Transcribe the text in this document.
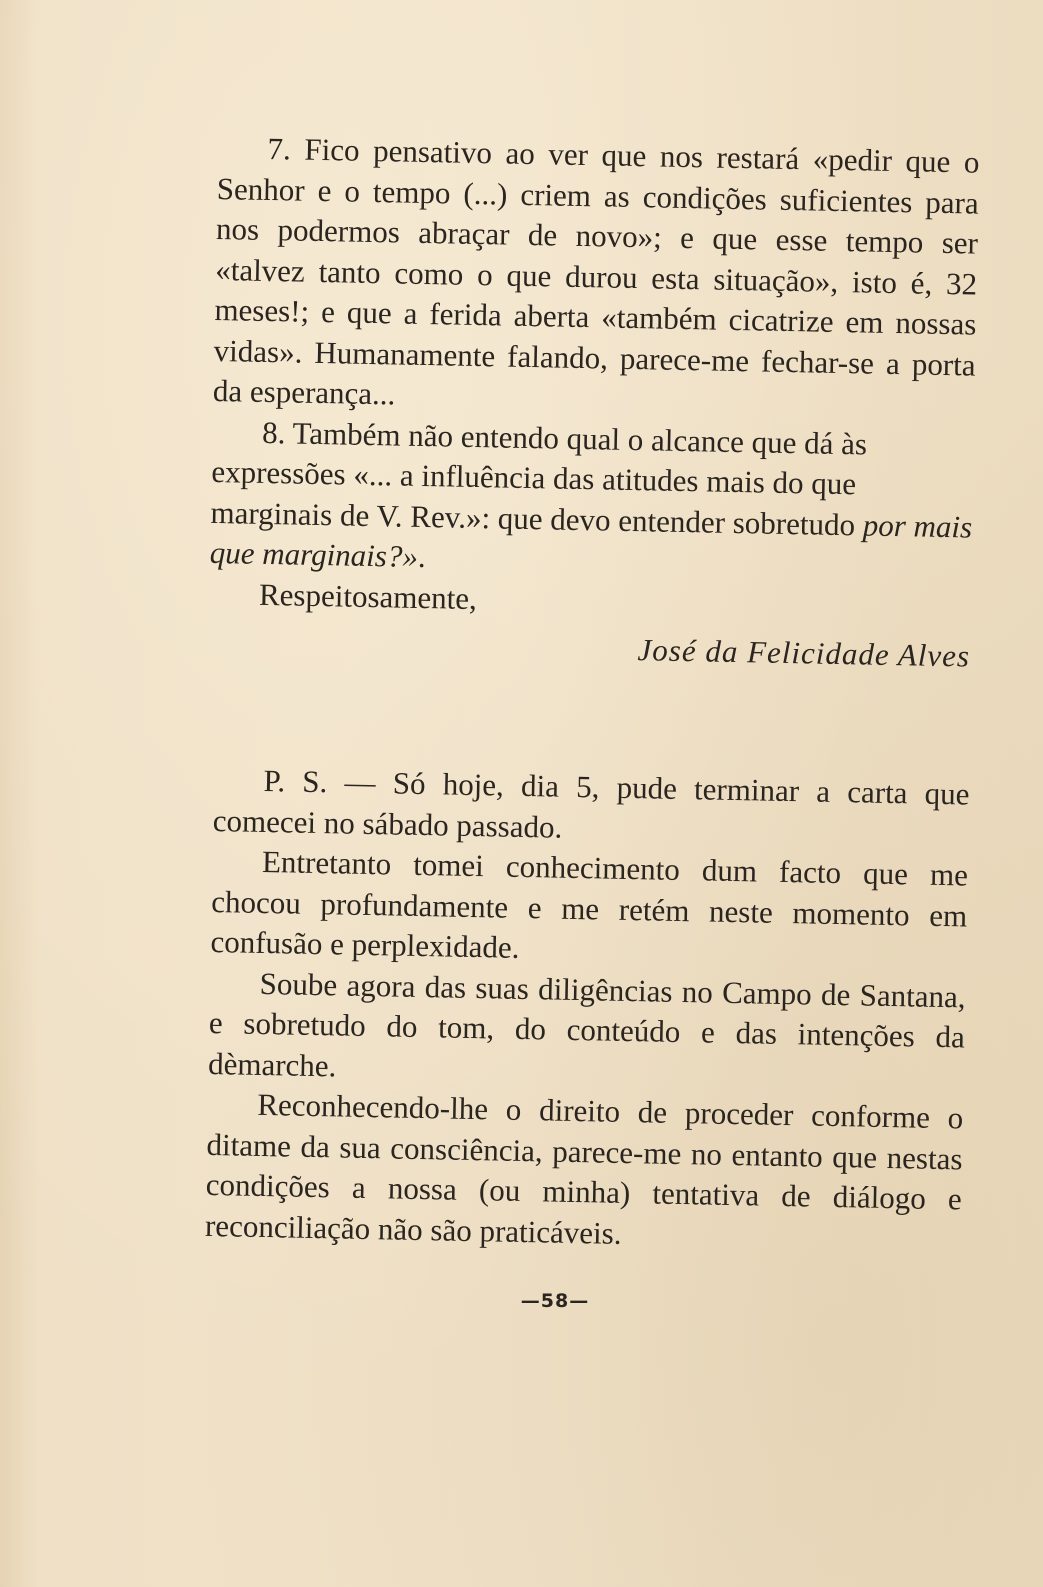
7. Fico pensativo ao ver que nos restará «pedir que o Senhor e o tempo (...) criem as condições suficientes para nos podermos abraçar de novo»; e que esse tempo ser «talvez tanto como o que durou esta situação», isto é, 32 meses!; e que a ferida aberta «também cicatrize em nossas vidas». Humanamente falando, parece-me fechar-se a porta da esperança...

8. Também não entendo qual o alcance que dá às expressões «... a influência das atitudes mais do que marginais de V. Rev.»: que devo entender sobretudo por mais que marginais?».

Respeitosamente,

José da Felicidade Alves

P. S. — Só hoje, dia 5, pude terminar a carta que comecei no sábado passado.

Entretanto tomei conhecimento dum facto que me chocou profundamente e me retém neste momento em confusão e perplexidade.

Soube agora das suas diligências no Campo de Santana, e sobretudo do tom, do conteúdo e das intenções da dèmarche.

Reconhecendo-lhe o direito de proceder conforme o ditame da sua consciência, parece-me no entanto que nestas condições a nossa (ou minha) tentativa de diálogo e reconciliação não são praticáveis.

—58—
